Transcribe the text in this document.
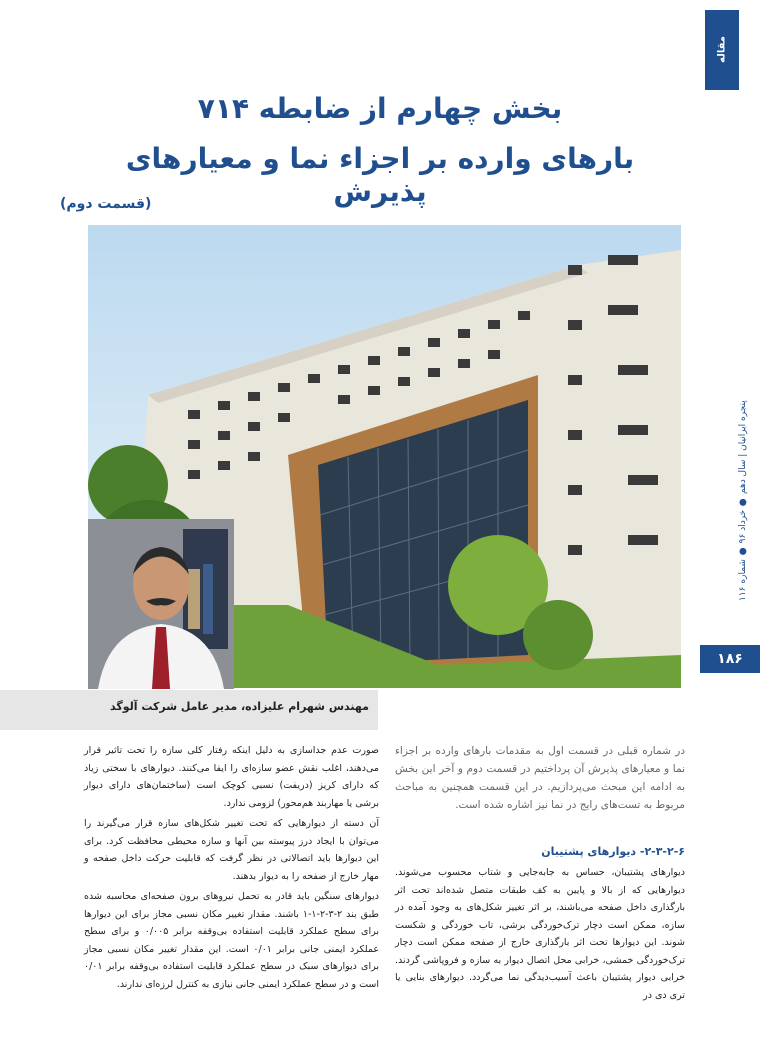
مقاله
بخش چهارم از ضابطه ۷۱۴
بارهای وارده بر اجزاء نما و معیارهای پذیرش
(قسمت دوم)
مهندس شهرام علیزاده، مدیر عامل شرکت آلوگد
پنجره ایرانیان | سال دهم ● خرداد ۹۶ ● شماره ۱۱۶
۱۸۶
در شماره قبلی در قسمت اول به مقدمات بارهای وارده بر اجزاء نما و معیارهای پذیرش آن پرداختیم در قسمت دوم و آخر این بخش به ادامه این مبحث می‌پردازیم. در این قسمت همچنین به مباحث مربوط به تست‌های رایج در نما نیز اشاره شده است.
۲-۳-۲-۶- دیوارهای پشتیبان
دیوارهای پشتیبان، حساس به جابه‌جایی و شتاب محسوب می‌شوند. دیوارهایی که از بالا و پایین به کف طبقات متصل شده‌اند تحت اثر بارگذاری داخل صفحه می‌باشند، بر اثر تغییر شکل‌های به وجود آمده در سازه، ممکن است دچار ترک‌خوردگی برشی، تاب خوردگی و شکست شوند. این دیوارها تحت اثر بارگذاری خارج از صفحه ممکن است دچار ترک‌خوردگی خمشی، خرابی محل اتصال دیوار به سازه و فروپاشی گردند. خرابی دیوار پشتیبان باعث آسیب‌دیدگی نما می‌گردد. دیوارهای بنایی یا تری دی در

صورت عدم جداسازی به دلیل اینکه رفتار کلی سازه را تحت تاثیر قرار می‌دهند، اغلب نقش عضو سازه‌ای را ایفا می‌کنند. دیوارهای با سختی زیاد که دارای کریز (دریفت) نسبی کوچک است (ساختمان‌های دارای دیوار برشی یا مهاربند هم‌محور) لزومی ندارد.

آن دسته از دیوارهایی که تحت تغییر شکل‌های سازه قرار می‌گیرند را می‌توان با ایجاد درز پیوسته بین آنها و سازه محیطی محافظت کرد. برای این دیوارها باید اتصالاتی در نظر گرفت که قابلیت حرکت داخل صفحه و مهار خارج از صفحه را به دیوار بدهند.

دیوارهای سنگین باید قادر به تحمل نیروهای برون صفحه‌ای محاسبه شده طبق بند ۲-۳-۲-۱-۱ باشند. مقدار تغییر مکان نسبی مجاز برای این دیوارها برای سطح عملکرد قابلیت استفاده بی‌وقفه برابر ۰/۰۰۵ و برای سطح عملکرد ایمنی جانی برابر ۰/۰۱ است. این مقدار تغییر مکان نسبی مجاز برای دیوارهای سبک در سطح عملکرد قابلیت استفاده بی‌وقفه برابر ۰/۰۱ است و در سطح عملکرد ایمنی جانی نیازی به کنترل لرزه‌ای ندارند.
